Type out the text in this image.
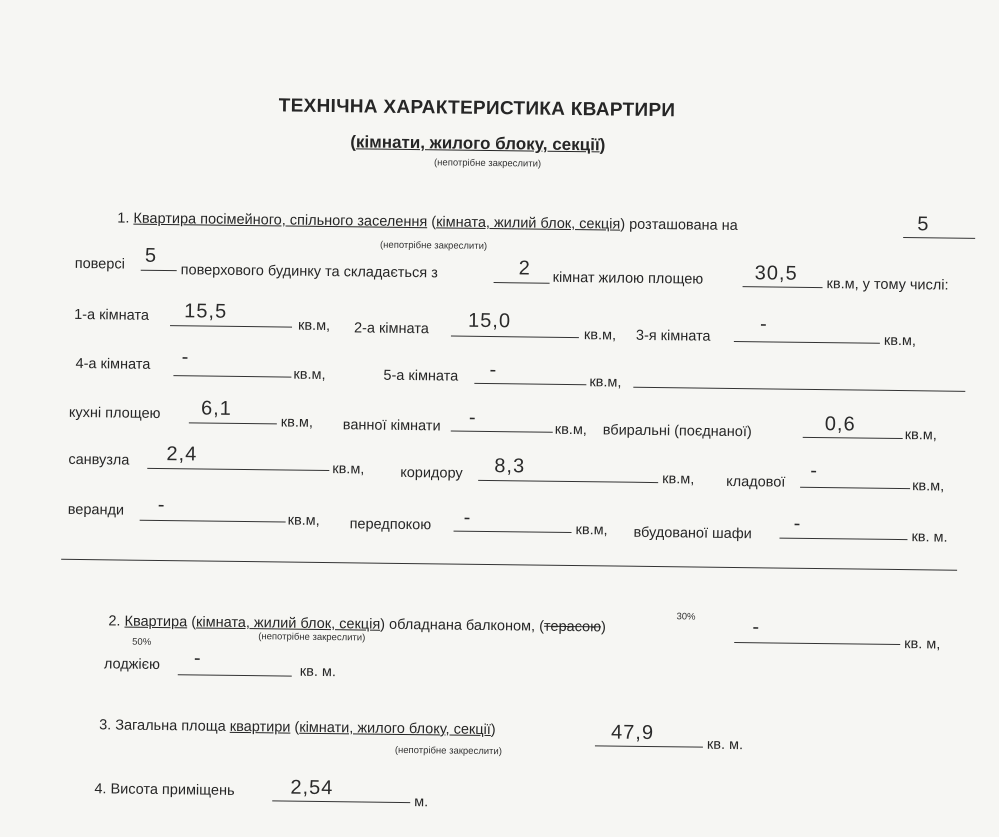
ТЕХНІЧНА ХАРАКТЕРИСТИКА КВАРТИРИ
(кімнати, жилого блоку, секції)
(непотрібне закреслити)
1. Квартира посімейного, спільного заселення (кімната, жилий блок, секція) розташована на
(непотрібне закреслити)
5
поверсі 5
поверхового будинку та складається з	2 кімнат жилою площею	30,5
кв.м, у тому числі:
1-а кімната 15,5
кв.м, 2-а кімната 15,0
кв.м, 3-я кімната
-
кв.м,
4-а кімната -
кв.м,	5-а кімната -
кв.м,
кухні площею 6,1
кв.м, ванної кімнати -
кв.м, вбиральні (поєднаної)	0,6	кв.м,
санвузла 2,4
кв.м, коридору 8,3
кв.м, кладової
-
кв.м,
веранди -
кв.м, передпокою -
кв.м, вбудованої шафи -
кв. м.
30%
2. Квартира (кімната, жилий блок, секція) обладнана балконом, (терасою)
(непотрібне закреслити)
50%
-
кв. м,
лоджією -
кв. м.
3. Загальна площа квартири (кімнати, жилого блоку, секції)
(непотрібне закреслити)
47,9
кв. м.
4. Висота приміщень	2,54
м.
